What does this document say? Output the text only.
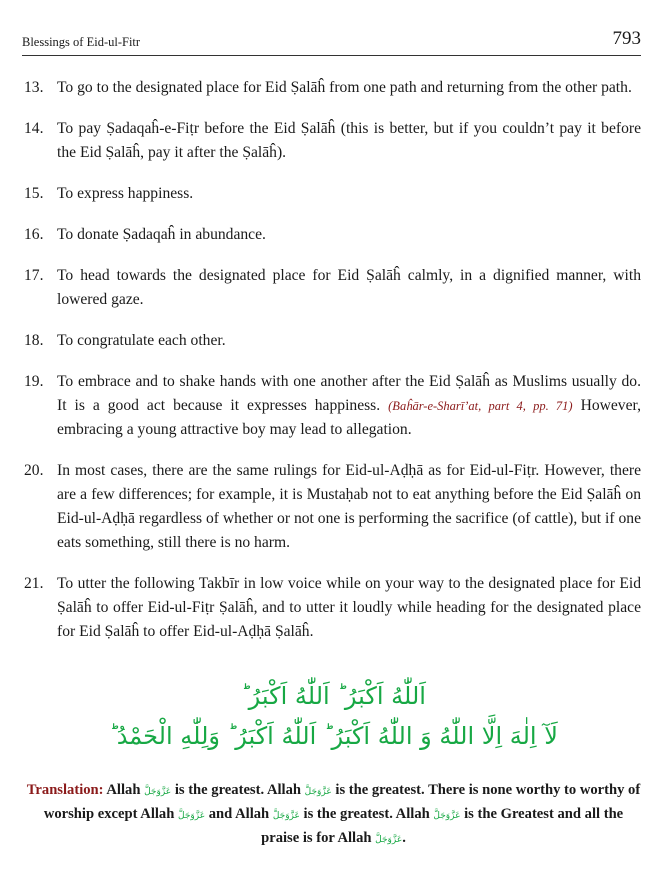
Blessings of Eid-ul-Fitr	793
13. To go to the designated place for Eid Ṣalāĥ from one path and returning from the other path.
14. To pay Ṣadaqaĥ-e-Fiṭr before the Eid Ṣalāĥ (this is better, but if you couldn’t pay it before the Eid Ṣalāĥ, pay it after the Ṣalāĥ).
15. To express happiness.
16. To donate Ṣadaqaĥ in abundance.
17. To head towards the designated place for Eid Ṣalāĥ calmly, in a dignified manner, with lowered gaze.
18. To congratulate each other.
19. To embrace and to shake hands with one another after the Eid Ṣalāĥ as Muslims usually do. It is a good act because it expresses happiness. (Baĥār-e-Sharī’at, part 4, pp. 71) However, embracing a young attractive boy may lead to allegation.
20. In most cases, there are the same rulings for Eid-ul-Aḍḥā as for Eid-ul-Fiṭr. However, there are a few differences; for example, it is Mustaḥab not to eat anything before the Eid Ṣalāĥ on Eid-ul-Aḍḥā regardless of whether or not one is performing the sacrifice (of cattle), but if one eats something, still there is no harm.
21. To utter the following Takbīr in low voice while on your way to the designated place for Eid Ṣalāĥ to offer Eid-ul-Fiṭr Ṣalāĥ, and to utter it loudly while heading for the designated place for Eid Ṣalāĥ to offer Eid-ul-Aḍḥā Ṣalāĥ.
اَللّٰهُ اَكْبَرُ ؕ اَللّٰهُ اَكْبَرُ ؕ
لَآ اِلٰهَ اِلَّا اللّٰهُ وَ اللّٰهُ اَكْبَرُ ؕ اَللّٰهُ اَكْبَرُ ؕ وَلِلّٰهِ الْحَمْدُ ؕ
Translation: Allah عَزَّوَجَلَّ is the greatest. Allah عَزَّوَجَلَّ is the greatest. There is none worthy to worthy of worship except Allah عَزَّوَجَلَّ and Allah عَزَّوَجَلَّ is the greatest. Allah عَزَّوَجَلَّ is the Greatest and all the praise is for Allah عَزَّوَجَلَّ.
